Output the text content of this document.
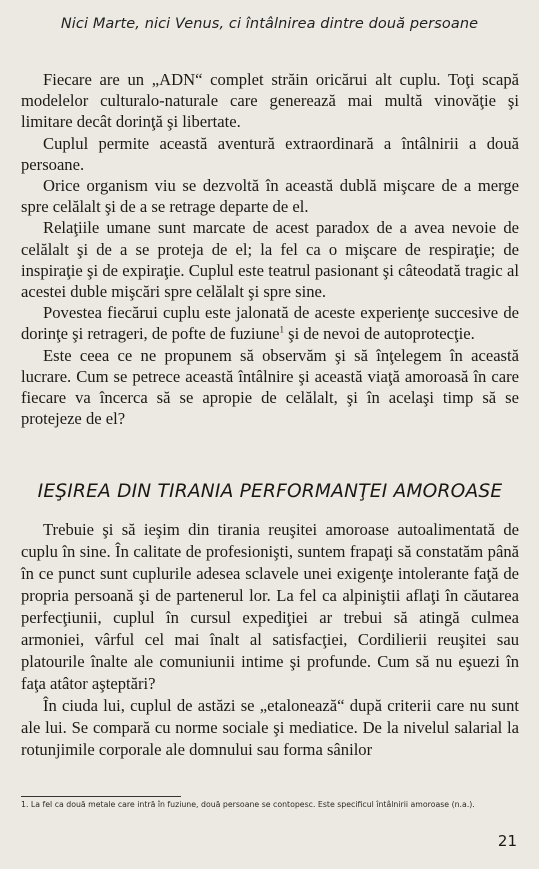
Nici Marte, nici Venus, ci întâlnirea dintre două persoane

Fiecare are un „ADN“ complet străin oricărui alt cuplu. Toţi scapă modelelor culturalo-naturale care generează mai multă vinovăţie şi limitare decât dorinţă şi libertate.

Cuplul permite această aventură extraordinară a întâlnirii a două persoane.

Orice organism viu se dezvoltă în această dublă mişcare de a merge spre celălalt şi de a se retrage departe de el.

Relaţiile umane sunt marcate de acest paradox de a avea nevoie de celălalt şi de a se proteja de el; la fel ca o mişcare de respiraţie; de inspiraţie şi de expiraţie. Cuplul este teatrul pasionant şi câteodată tragic al acestei duble mişcări spre celălalt şi spre sine.

Povestea fiecărui cuplu este jalonată de aceste experienţe succesive de dorinţe şi retrageri, de pofte de fuziune$^1$ şi de nevoi de autoprotecţie.

Este ceea ce ne propunem să observăm şi să înţelegem în această lucrare. Cum se petrece această întâlnire şi această viaţă amoroasă în care fiecare va încerca să se apropie de celălalt, şi în acelaşi timp să se protejeze de el?

IEŞIREA DIN TIRANIA PERFORMANŢEI AMOROASE

Trebuie şi să ieşim din tirania reuşitei amoroase autoalimentată de cuplu în sine. În calitate de profesionişti, suntem frapaţi să constatăm până în ce punct sunt cuplurile adesea sclavele unei exigenţe intolerante faţă de propria persoană şi de partenerul lor. La fel ca alpiniştii aflaţi în căutarea perfecţiunii, cuplul în cursul expediţiei ar trebui să atingă culmea armoniei, vârful cel mai înalt al satisfacţiei, Cordilierii reuşitei sau platourile înalte ale comuniunii intime şi profunde. Cum să nu eşuezi în faţa atâtor aşteptări?

În ciuda lui, cuplul de astăzi se „etalonează“ după criterii care nu sunt ale lui. Se compară cu norme sociale şi mediatice. De la nivelul salarial la rotunjimile corporale ale domnului sau forma sânilor

1. La fel ca două metale care intră în fuziune, două persoane se contopesc. Este specificul întâlnirii amoroase (n.a.).
21
